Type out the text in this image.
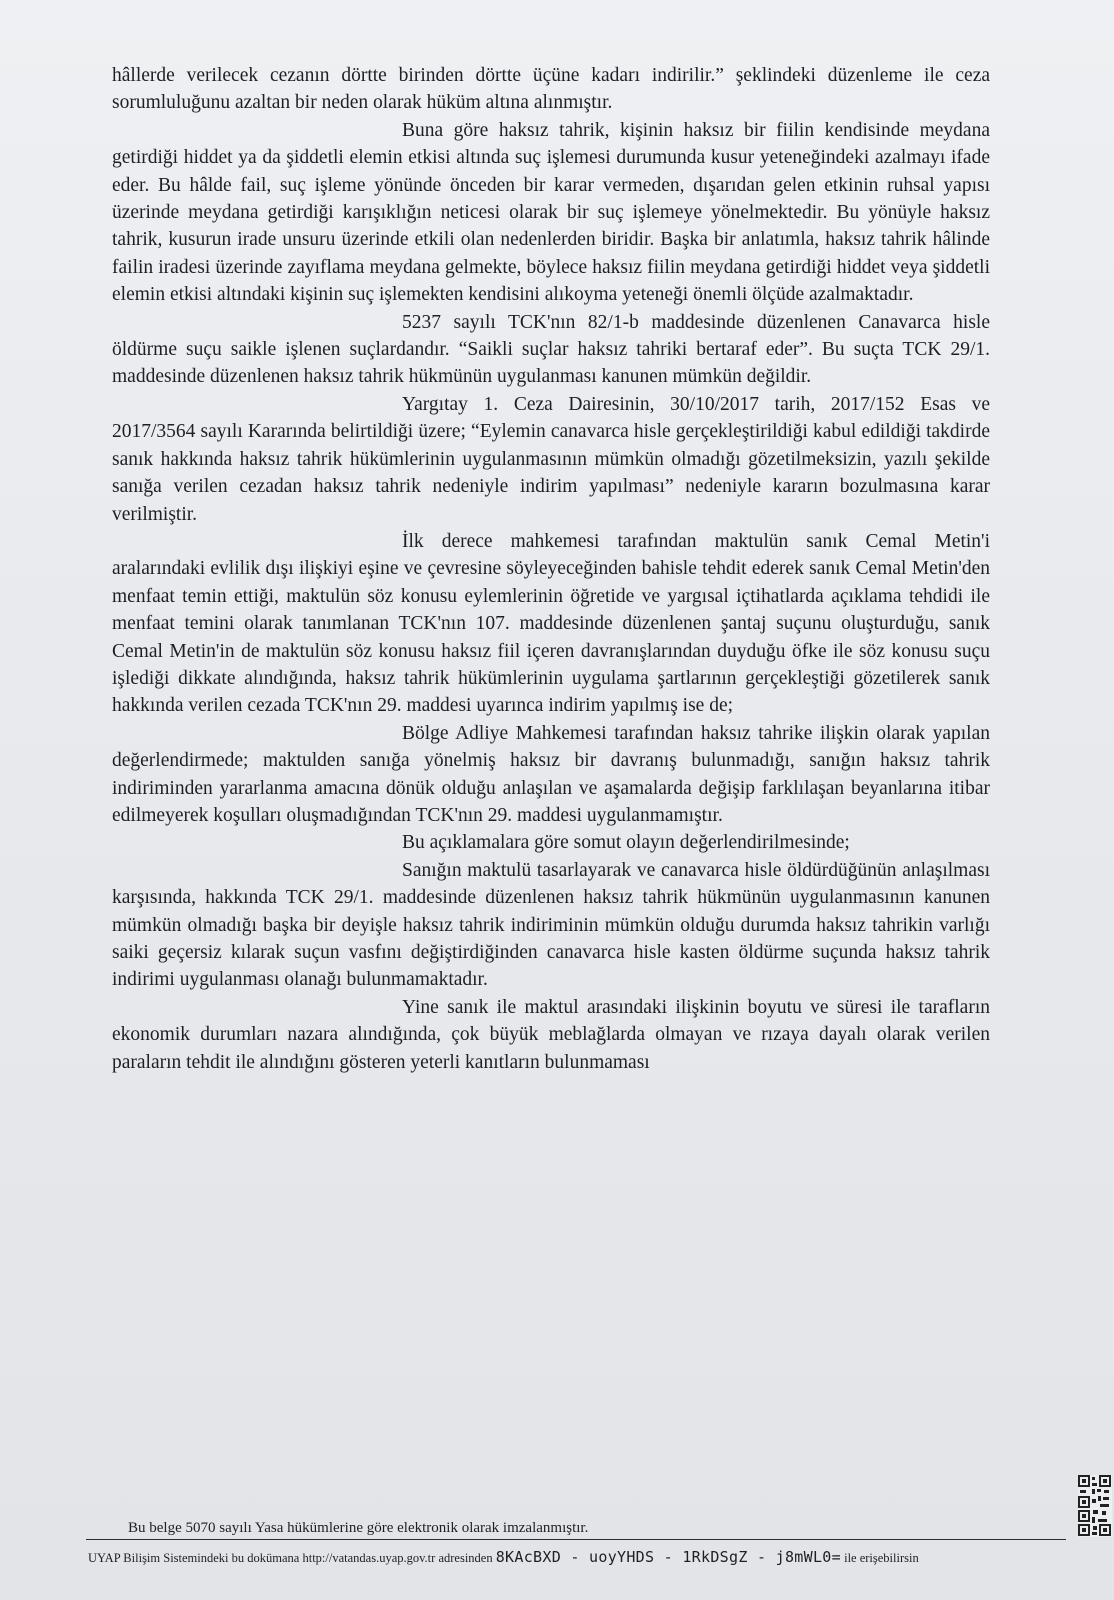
hâllerde verilecek cezanın dörtte birinden dörtte üçüne kadarı indirilir.” şeklindeki düzenleme ile ceza sorumluluğunu azaltan bir neden olarak hüküm altına alınmıştır.

Buna göre haksız tahrik, kişinin haksız bir fiilin kendisinde meydana getirdiği hiddet ya da şiddetli elemin etkisi altında suç işlemesi durumunda kusur yeteneğindeki azalmayı ifade eder. Bu hâlde fail, suç işleme yönünde önceden bir karar vermeden, dışarıdan gelen etkinin ruhsal yapısı üzerinde meydana getirdiği karışıklığın neticesi olarak bir suç işlemeye yönelmektedir. Bu yönüyle haksız tahrik, kusurun irade unsuru üzerinde etkili olan nedenlerden biridir. Başka bir anlatımla, haksız tahrik hâlinde failin iradesi üzerinde zayıflama meydana gelmekte, böylece haksız fiilin meydana getirdiği hiddet veya şiddetli elemin etkisi altındaki kişinin suç işlemekten kendisini alıkoyma yeteneği önemli ölçüde azalmaktadır.

5237 sayılı TCK'nın 82/1-b maddesinde düzenlenen Canavarca hisle öldürme suçu saikle işlenen suçlardandır. “Saikli suçlar haksız tahriki bertaraf eder”. Bu suçta TCK 29/1. maddesinde düzenlenen haksız tahrik hükmünün uygulanması kanunen mümkün değildir.

Yargıtay 1. Ceza Dairesinin, 30/10/2017 tarih, 2017/152 Esas ve 2017/3564 sayılı Kararında belirtildiği üzere; “Eylemin canavarca hisle gerçekleştirildiği kabul edildiği takdirde sanık hakkında haksız tahrik hükümlerinin uygulanmasının mümkün olmadığı gözetilmeksizin, yazılı şekilde sanığa verilen cezadan haksız tahrik nedeniyle indirim yapılması” nedeniyle kararın bozulmasına karar verilmiştir.

İlk derece mahkemesi tarafından maktulün sanık Cemal Metin'i aralarındaki evlilik dışı ilişkiyi eşine ve çevresine söyleyeceğinden bahisle tehdit ederek sanık Cemal Metin'den menfaat temin ettiği, maktulün söz konusu eylemlerinin öğretide ve yargısal içtihatlarda açıklama tehdidi ile menfaat temini olarak tanımlanan TCK'nın 107. maddesinde düzenlenen şantaj suçunu oluşturduğu, sanık Cemal Metin'in de maktulün söz konusu haksız fiil içeren davranışlarından duyduğu öfke ile söz konusu suçu işlediği dikkate alındığında, haksız tahrik hükümlerinin uygulama şartlarının gerçekleştiği gözetilerek sanık hakkında verilen cezada TCK'nın 29. maddesi uyarınca indirim yapılmış ise de;

Bölge Adliye Mahkemesi tarafından haksız tahrike ilişkin olarak yapılan değerlendirmede; maktulden sanığa yönelmiş haksız bir davranış bulunmadığı, sanığın haksız tahrik indiriminden yararlanma amacına dönük olduğu anlaşılan ve aşamalarda değişip farklılaşan beyanlarına itibar edilmeyerek koşulları oluşmadığından TCK'nın 29. maddesi uygulanmamıştır.

Bu açıklamalara göre somut olayın değerlendirilmesinde;

Sanığın maktulü tasarlayarak ve canavarca hisle öldürdüğünün anlaşılması karşısında, hakkında TCK 29/1. maddesinde düzenlenen haksız tahrik hükmünün uygulanmasının kanunen mümkün olmadığı başka bir deyişle haksız tahrik indiriminin mümkün olduğu durumda haksız tahrikin varlığı saiki geçersiz kılarak suçun vasfını değiştirdiğinden canavarca hisle kasten öldürme suçunda haksız tahrik indirimi uygulanması olanağı bulunmamaktadır.

Yine sanık ile maktul arasındaki ilişkinin boyutu ve süresi ile tarafların ekonomik durumları nazara alındığında, çok büyük meblağlarda olmayan ve rızaya dayalı olarak verilen paraların tehdit ile alındığını gösteren yeterli kanıtların bulunmaması

Bu belge 5070 sayılı Yasa hükümlerine göre elektronik olarak imzalanmıştır.
UYAP Bilişim Sistemindeki bu dokümana http://vatandas.uyap.gov.tr adresinden 8KAcBXD - uoyYHDS - 1RkDSgZ - j8mWL0= ile erişebilirsin
